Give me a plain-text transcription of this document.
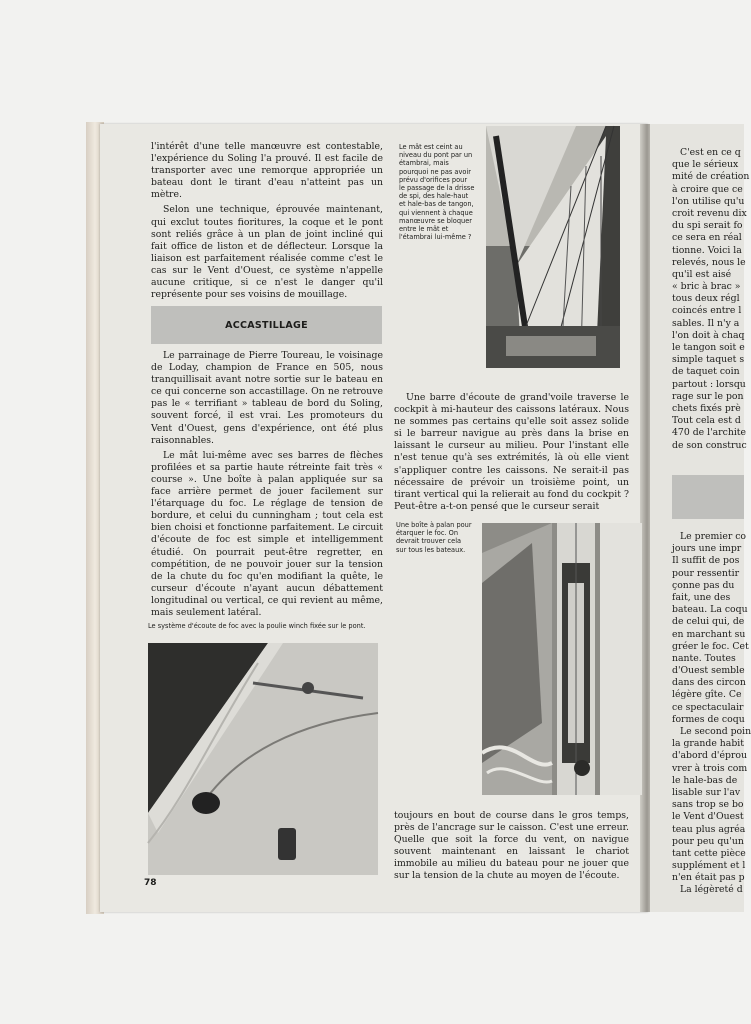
l'intérêt d'une telle manœuvre est contestable, l'expérience du Soling l'a prouvé. Il est facile de transporter avec une remorque appropriée un bateau dont le tirant d'eau n'atteint pas un mètre.

Selon une technique, éprouvée maintenant, qui exclut toutes fioritures, la coque et le pont sont reliés grâce à un plan de joint incliné qui fait office de liston et de déflecteur. Lorsque la liaison est parfaitement réalisée comme c'est le cas sur le Vent d'Ouest, ce système n'appelle aucune critique, si ce n'est le danger qu'il représente pour ses voisins de mouillage.

Le mât est ceint au niveau du pont par un étambrai, mais pourquoi ne pas avoir prévu d'orifices pour le passage de la drisse de spi, des hale-haut et hale-bas de tangon, qui viennent à chaque manœuvre se bloquer entre le mât et l'étambrai lui-même ?
ACCASTILLAGE

Le parrainage de Pierre Toureau, le voisinage de Loday, champion de France en 505, nous tranquillisait avant notre sortie sur le bateau en ce qui concerne son accastillage. On ne retrouve pas le « terrifiant » tableau de bord du Soling, souvent forcé, il est vrai. Les promoteurs du Vent d'Ouest, gens d'expérience, ont été plus raisonnables.

Le mât lui-même avec ses barres de flèches profilées et sa partie haute rétreinte fait très « course ». Une boîte à palan appliquée sur sa face arrière permet de jouer facilement sur l'étarquage du foc. Le réglage de tension de bordure, et celui du cunningham ; tout cela est bien choisi et fonctionne parfaitement. Le circuit d'écoute de foc est simple et intelligemment étudié. On pourrait peut-être regretter, en compétition, de ne pouvoir jouer sur la tension de la chute du foc qu'en modifiant la quête, le curseur d'écoute n'ayant aucun débattement longitudinal ou vertical, ce qui revient au même, mais seulement latéral.

Le système d'écoute de foc avec la poulie winch fixée sur le pont.

Une barre d'écoute de grand'voile traverse le cockpit à mi-hauteur des caissons latéraux. Nous ne sommes pas certains qu'elle soit assez solide si le barreur navigue au près dans la brise en laissant le curseur au milieu. Pour l'instant elle n'est tenue qu'à ses extrémités, là où elle vient s'appliquer contre les caissons. Ne serait-il pas nécessaire de prévoir un troisième point, un tirant vertical qui la relierait au fond du cockpit ? Peut-être a-t-on pensé que le curseur serait

Une boîte à palan pour étarquer le foc. On devrait trouver cela sur tous les bateaux.

toujours en bout de course dans le gros temps, près de l'ancrage sur le caisson. C'est une erreur. Quelle que soit la force du vent, on navigue souvent maintenant en laissant le chariot immobile au milieu du bateau pour ne jouer que sur la tension de la chute au moyen de l'écoute.

78
C'est en ce q
que le sérieux
mité de création
à croire que ce
l'on utilise qu'u
croit revenu dix
du spi serait fo
ce sera en réal
tionne. Voici la
relevés, nous le
qu'il est aisé
« bric à brac »
tous deux régl
coincés entre l
sables. Il n'y a
l'on doit à chaq
le tangon soit e
simple taquet s
de taquet coin
partout : lorsqu
rage sur le pon
chets fixés prè
Tout cela est d
470 de l'archite
de son construc
Le premier co
jours une impr
Il suffit de pos
pour ressentir
çonne pas du
fait, une des
bateau. La coqu
de celui qui, de
en marchant su
gréer le foc. Cet
nante. Toutes
d'Ouest semble
dans des circon
légère gîte. Ce
ce spectaculair
formes de coqu
Le second poin
la grande habit
d'abord d'éprou
vrer à trois com
le hale-bas de
lisable sur l'av
sans trop se bo
le Vent d'Ouest
teau plus agréa
pour peu qu'un
tant cette pièce
supplément et l
n'en était pas p
La légèreté d
